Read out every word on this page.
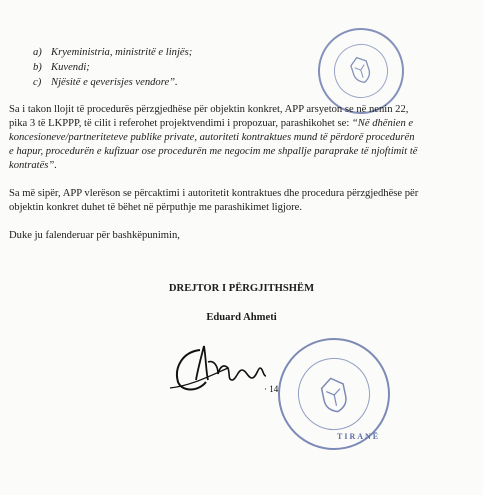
a) Kryeministria, ministritë e linjës;
b) Kuvendi;
c) Njësitë e qeverisjes vendore”.
Sa i takon llojit të procedurës përzgjedhëse për objektin konkret, APP arsyeton se në nenin 22,
pika 3 të LKPPP, të cilit i referohet projektvendimi i propozuar, parashikohet se: “Në dhënien e
koncesioneve/partneriteteve publike private, autoriteti kontraktues mund të përdorë procedurën
e hapur, procedurën e kufizuar ose procedurën me negocim me shpallje paraprake të njoftimit të
kontratës”.
Sa më sipër, APP vlerëson se përcaktimi i autoritetit kontraktues dhe procedura përzgjedhëse për
objektin konkret duhet të bëhet në përputhje me parashikimet ligjore.
Duke ju falenderuar për bashkëpunimin,
DREJTOR I PËRGJITHSHËM
Eduard Ahmeti
· 14
TIRANË
